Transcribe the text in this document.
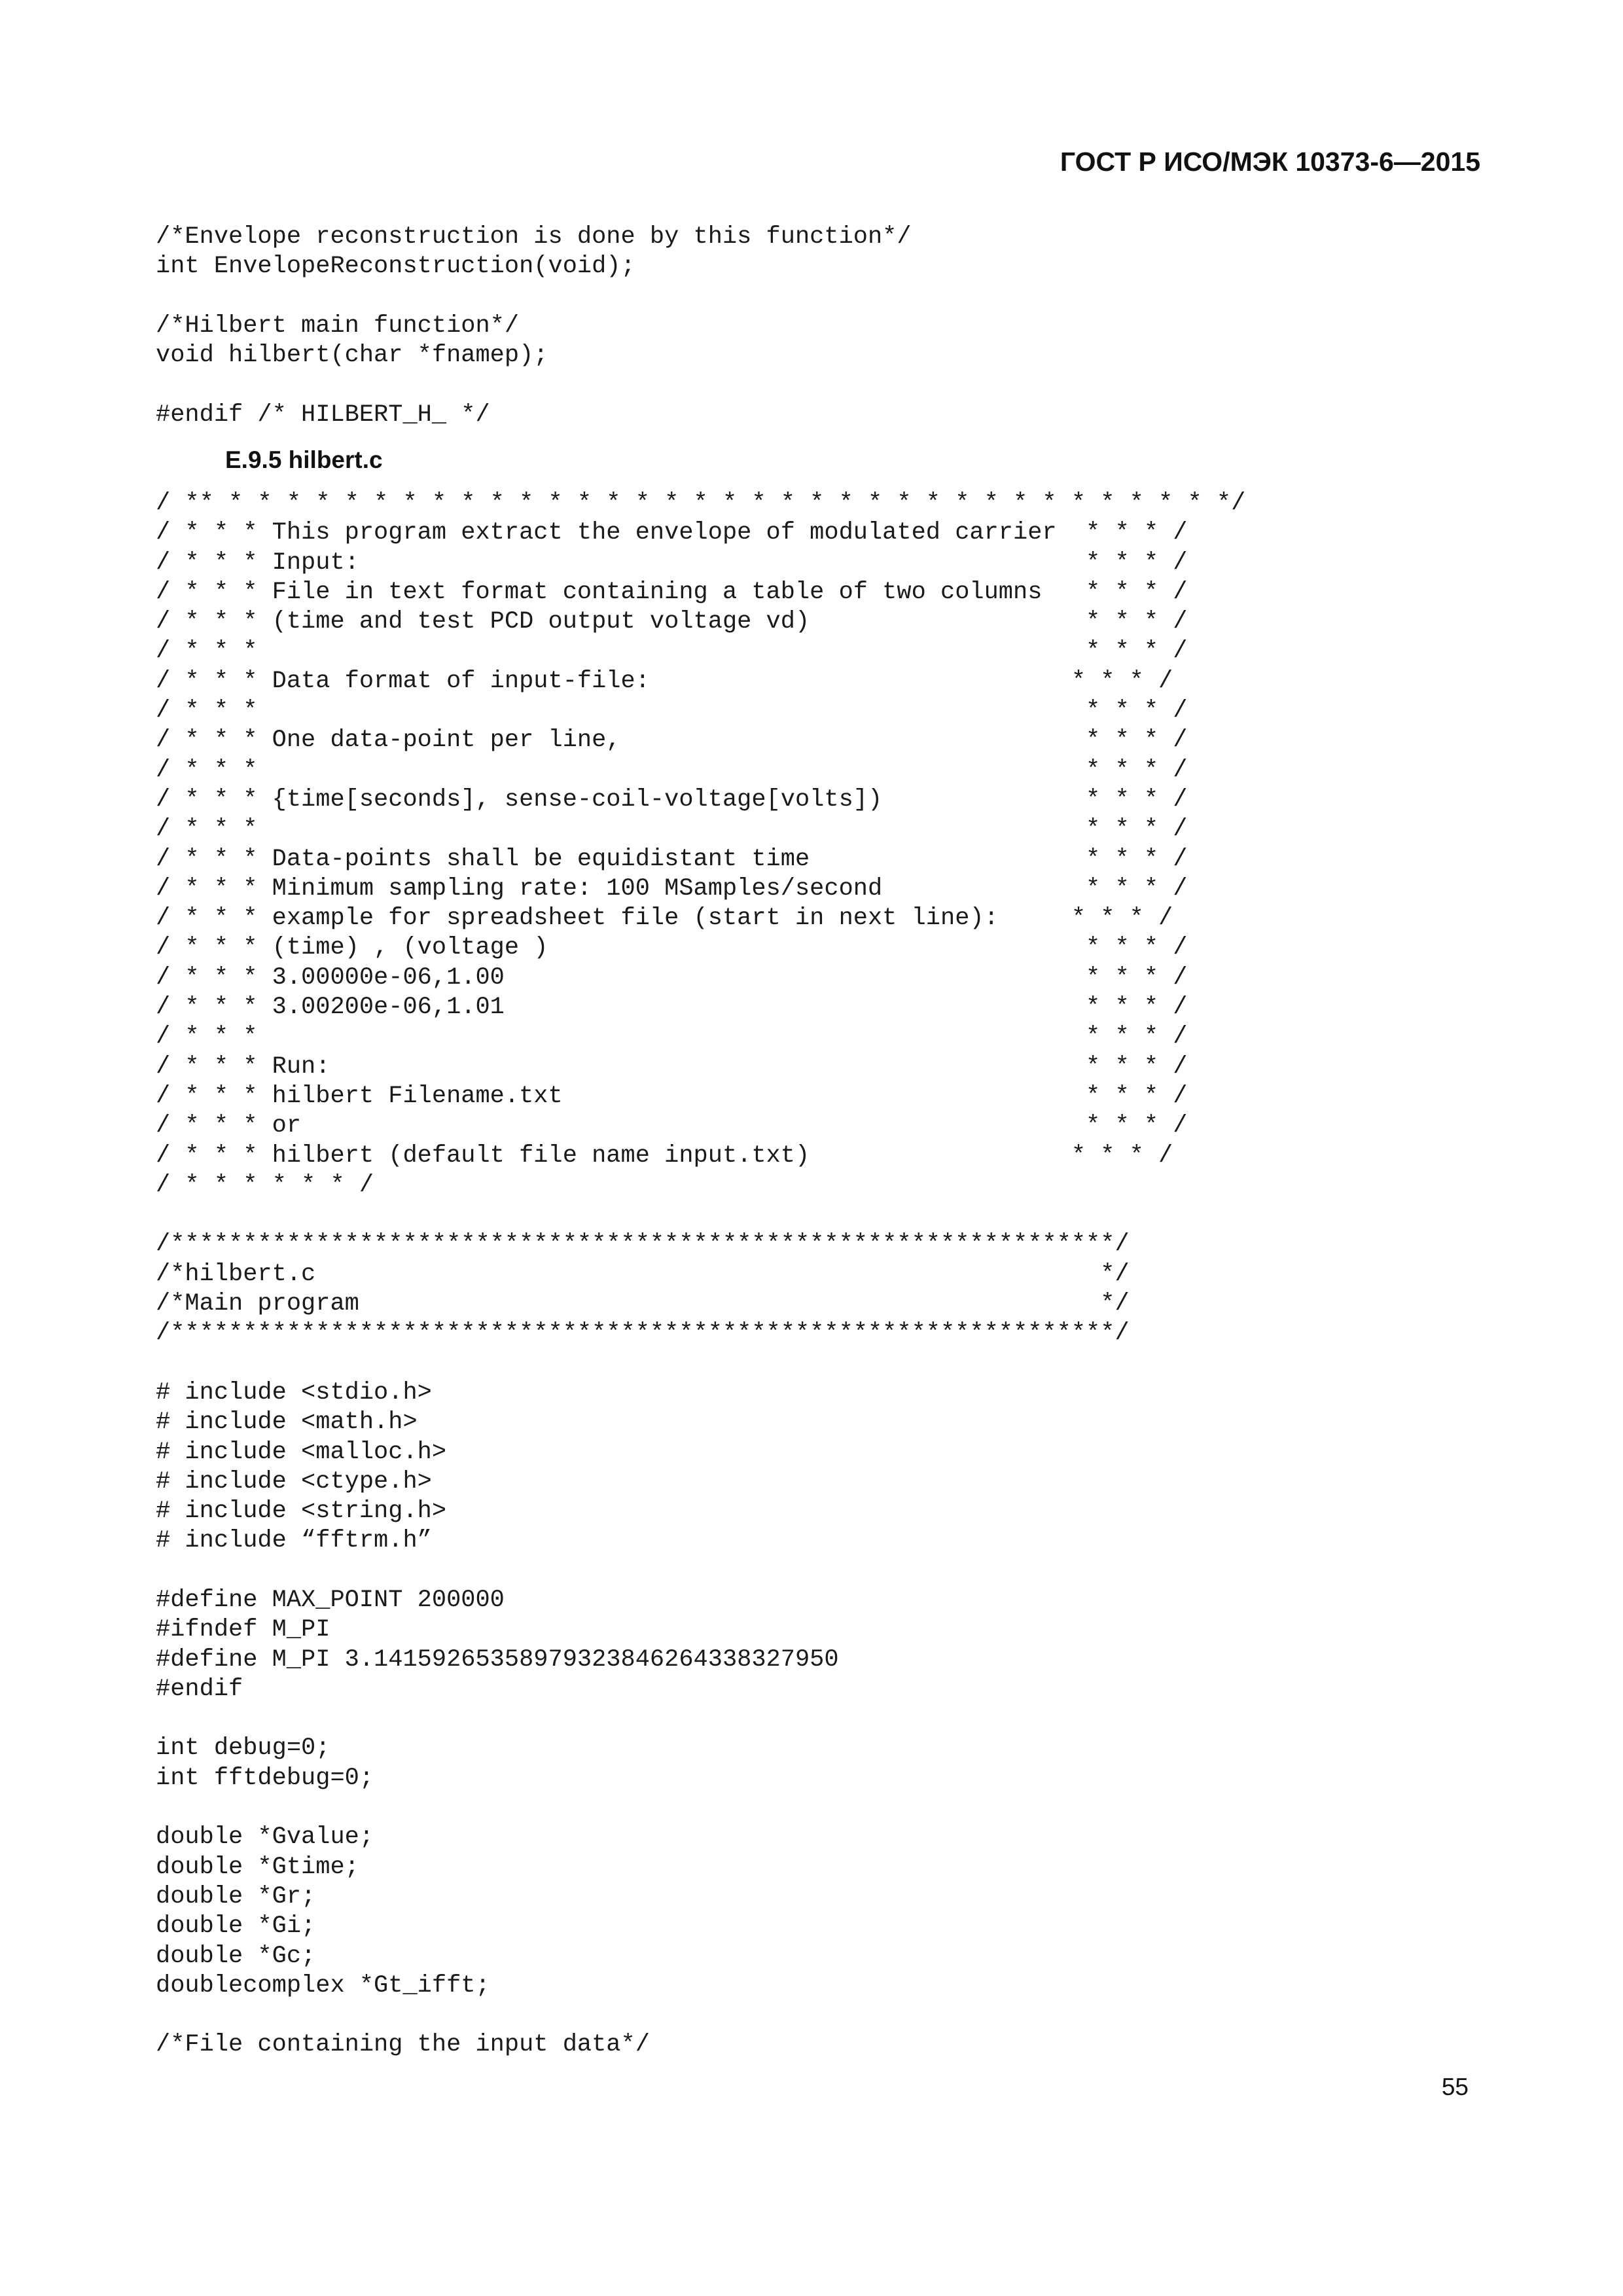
ГОСТ Р ИСО/МЭК 10373-6—2015
/*Envelope reconstruction is done by this function*/
int EnvelopeReconstruction(void);

/*Hilbert main function*/
void hilbert(char *fnamep);

#endif /* HILBERT_H_ */
E.9.5 hilbert.c
/ ** * * * * * * * * * * * * * * * * * * * * * * * * * * * * * * * * * * */
/ * * * This program extract the envelope of modulated carrier  * * * /
/ * * * Input:                                                  * * * /
/ * * * File in text format containing a table of two columns   * * * /
/ * * * (time and test PCD output voltage vd)                   * * * /
/ * * *                                                         * * * /
/ * * * Data format of input-file:                             * * * /
/ * * *                                                         * * * /
/ * * * One data-point per line,                                * * * /
/ * * *                                                         * * * /
/ * * * {time[seconds], sense-coil-voltage[volts])              * * * /
/ * * *                                                         * * * /
/ * * * Data-points shall be equidistant time                   * * * /
/ * * * Minimum sampling rate: 100 MSamples/second              * * * /
/ * * * example for spreadsheet file (start in next line):     * * * /
/ * * * (time) , (voltage )                                     * * * /
/ * * * 3.00000e-06,1.00                                        * * * /
/ * * * 3.00200e-06,1.01                                        * * * /
/ * * *                                                         * * * /
/ * * * Run:                                                    * * * /
/ * * * hilbert Filename.txt                                    * * * /
/ * * * or                                                      * * * /
/ * * * hilbert (default file name input.txt)                  * * * /
/ * * * * * * /

/*****************************************************************/
/*hilbert.c                                                      */
/*Main program                                                   */
/*****************************************************************/

# include <stdio.h>
# include <math.h>
# include <malloc.h>
# include <ctype.h>
# include <string.h>
# include “fftrm.h”

#define MAX_POINT 200000
#ifndef M_PI
#define M_PI 3.14159265358979323846264338327950
#endif

int debug=0;
int fftdebug=0;

double *Gvalue;
double *Gtime;
double *Gr;
double *Gi;
double *Gc;
doublecomplex *Gt_ifft;

/*File containing the input data*/
55
